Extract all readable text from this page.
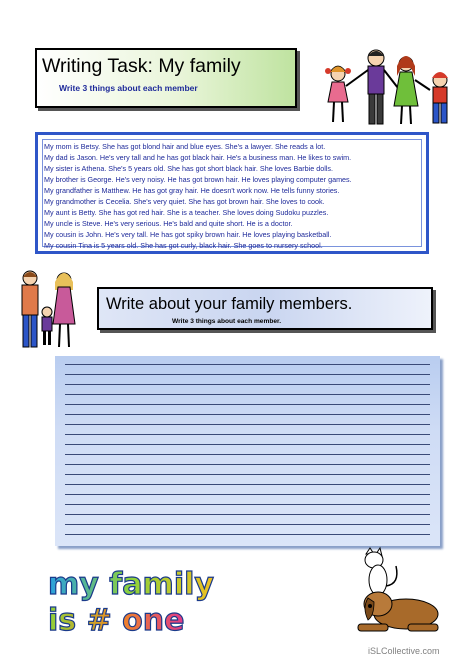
Writing Task: My family
Write 3 things about each member
My mom is Betsy. She has got blond hair and blue eyes. She's a lawyer. She reads a lot.
My dad is Jason. He's very tall and he has got black hair. He's a business man. He likes to swim.
My sister is Athena. She's 5 years old. She has got short black hair. She loves Barbie dolls.
My brother is George. He's very noisy. He has got brown hair. He loves playing computer games.
My grandfather is Matthew. He has got gray hair. He doesn't work now. He tells funny stories.
My grandmother is Cecelia. She's very quiet. She has got brown hair. She loves to cook.
My aunt is Betty. She has got red hair. She is a teacher. She loves doing Sudoku puzzles.
My uncle is Steve. He's very serious. He's bald and quite short. He is a doctor.
My cousin is John. He's very tall. He has got spiky brown hair. He loves playing basketball.
My cousin Tina is 5 years old. She has got curly, black hair. She goes to nursery school.
Write about your family members.
Write 3 things about each member.
my family
is # one
iSLCollective.com
